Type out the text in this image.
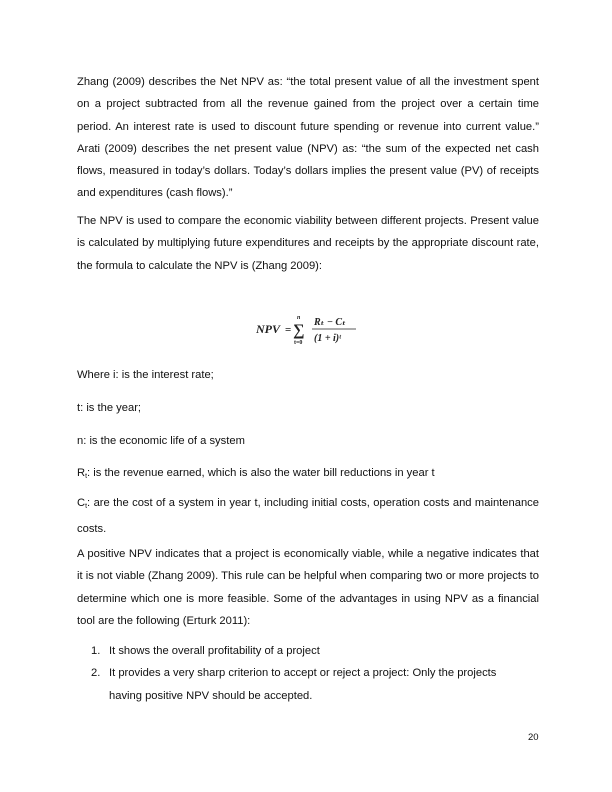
Zhang (2009) describes the Net NPV as: “the total present value of all the investment spent on a project subtracted from all the revenue gained from the project over a certain time period. An interest rate is used to discount future spending or revenue into current value.” Arati (2009) describes the net present value (NPV) as: “the sum of the expected net cash flows, measured in today’s dollars. Today’s dollars implies the present value (PV) of receipts and expenditures (cash flows).”

The NPV is used to compare the economic viability between different projects. Present value is calculated by multiplying future expenditures and receipts by the appropriate discount rate, the formula to calculate the NPV is (Zhang 2009):

NPV = ∑
n
t=0
Rₜ − Cₜ
(1 + i)ᵗ

Where i: is the interest rate;

t: is the year;

n: is the economic life of a system

$R_t$: is the revenue earned, which is also the water bill reductions in year t

$C_t$: are the cost of a system in year t, including initial costs, operation costs and maintenance costs.

A positive NPV indicates that a project is economically viable, while a negative indicates that it is not viable (Zhang 2009). This rule can be helpful when comparing two or more projects to determine which one is more feasible. Some of the advantages in using NPV as a financial tool are the following (Erturk 2011):

1. It shows the overall profitability of a project
2. It provides a very sharp criterion to accept or reject a project: Only the projects having positive NPV should be accepted.
20
